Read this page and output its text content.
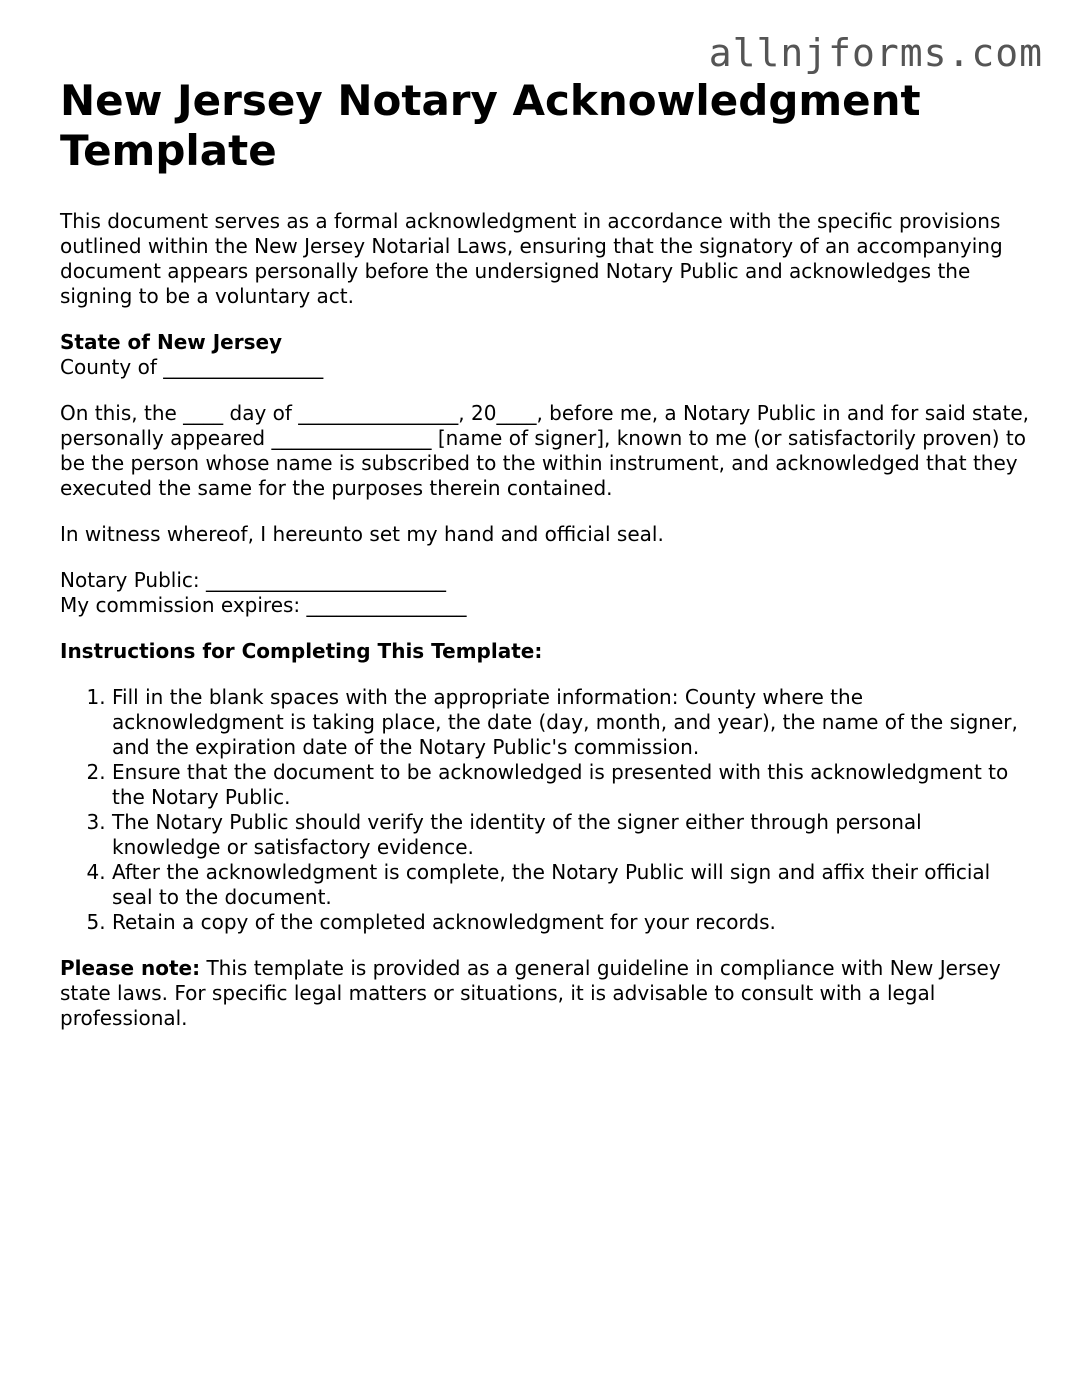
allnjforms.com
New Jersey Notary Acknowledgment Template

This document serves as a formal acknowledgment in accordance with the specific provisions outlined within the New Jersey Notarial Laws, ensuring that the signatory of an accompanying document appears personally before the undersigned Notary Public and acknowledges the signing to be a voluntary act.

State of New Jersey
County of ________________

On this, the ____ day of ________________, 20____, before me, a Notary Public in and for said state, personally appeared ________________ [name of signer], known to me (or satisfactorily proven) to be the person whose name is subscribed to the within instrument, and acknowledged that they executed the same for the purposes therein contained.

In witness whereof, I hereunto set my hand and official seal.

Notary Public: ________________________
My commission expires: ________________

Instructions for Completing This Template:

1. Fill in the blank spaces with the appropriate information: County where the acknowledgment is taking place, the date (day, month, and year), the name of the signer, and the expiration date of the Notary Public's commission.
2. Ensure that the document to be acknowledged is presented with this acknowledgment to the Notary Public.
3. The Notary Public should verify the identity of the signer either through personal knowledge or satisfactory evidence.
4. After the acknowledgment is complete, the Notary Public will sign and affix their official seal to the document.
5. Retain a copy of the completed acknowledgment for your records.

Please note: This template is provided as a general guideline in compliance with New Jersey state laws. For specific legal matters or situations, it is advisable to consult with a legal professional.
